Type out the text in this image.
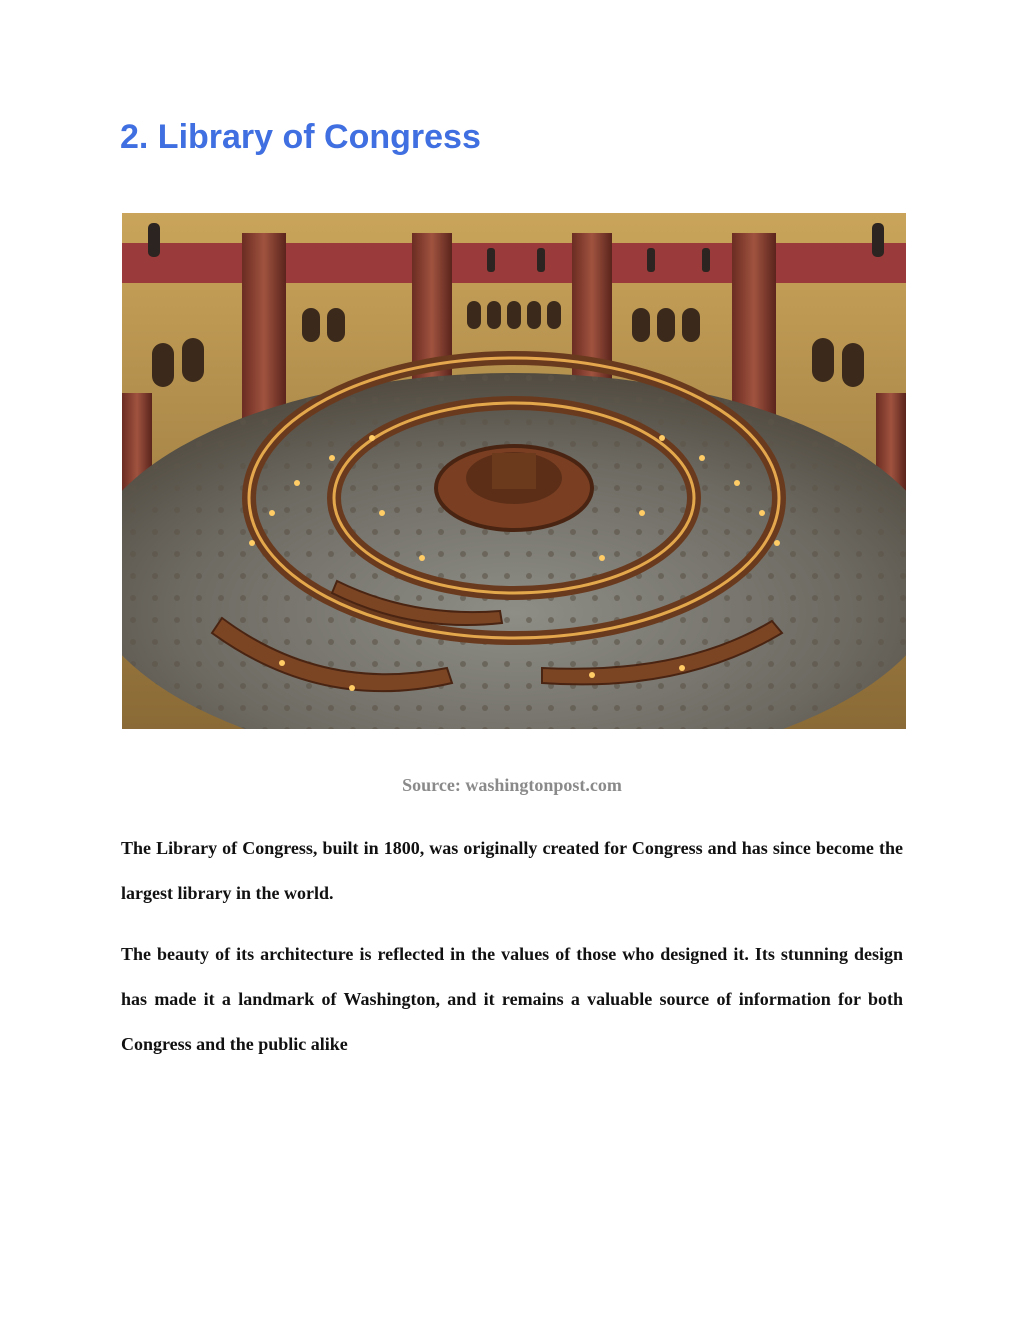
2. Library of Congress
Source: washingtonpost.com

The Library of Congress, built in 1800, was originally created for Congress and has since become the largest library in the world.

The beauty of its architecture is reflected in the values of those who designed it. Its stunning design has made it a landmark of Washington, and it remains a valuable source of information for both Congress and the public alike
